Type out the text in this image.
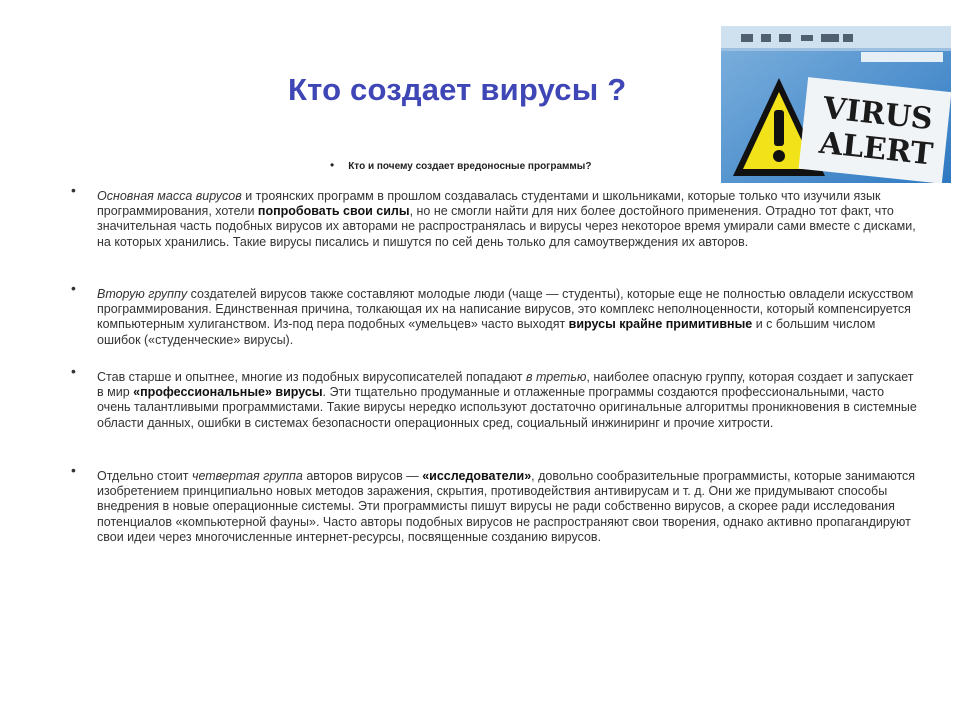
Кто создает вирусы ?
VIRUS
ALERT
• Кто и почему создает вредоносные программы?
• Основная масса вирусов и троянских программ в прошлом создавалась студентами и школьниками, которые только что изучили язык программирования, хотели попробовать свои силы, но не смогли найти для них более достойного применения. Отрадно тот факт, что значительная часть подобных вирусов их авторами не распространялась и вирусы через некоторое время умирали сами вместе с дисками, на которых хранились. Такие вирусы писались и пишутся по сей день только для самоутверждения их авторов.
• Вторую группу создателей вирусов также составляют молодые люди (чаще — студенты), которые еще не полностью овладели искусством программирования. Единственная причина, толкающая их на написание вирусов, это комплекс неполноценности, который компенсируется компьютерным хулиганством. Из-под пера подобных «умельцев» часто выходят вирусы крайне примитивные и с большим числом ошибок («студенческие» вирусы).
• Став старше и опытнее, многие из подобных вирусописателей попадают в третью, наиболее опасную группу, которая создает и запускает в мир «профессиональные» вирусы. Эти тщательно продуманные и отлаженные программы создаются профессиональными, часто очень талантливыми программистами. Такие вирусы нередко используют достаточно оригинальные алгоритмы проникновения в системные области данных, ошибки в системах безопасности операционных сред, социальный инжиниринг и прочие хитрости.
• Отдельно стоит четвертая группа авторов вирусов — «исследователи», довольно сообразительные программисты, которые занимаются изобретением принципиально новых методов заражения, скрытия, противодействия антивирусам и т. д. Они же придумывают способы внедрения в новые операционные системы. Эти программисты пишут вирусы не ради собственно вирусов, а скорее ради исследования потенциалов «компьютерной фауны». Часто авторы подобных вирусов не распространяют свои творения, однако активно пропагандируют свои идеи через многочисленные интернет-ресурсы, посвященные созданию вирусов.
